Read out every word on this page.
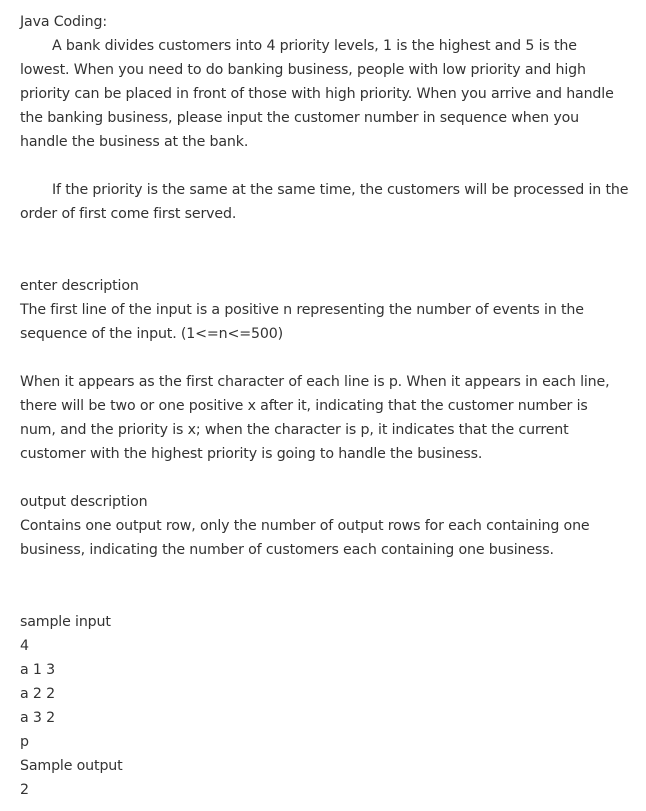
Java Coding:
A bank divides customers into 4 priority levels, 1 is the highest and 5 is the
lowest. When you need to do banking business, people with low priority and high
priority can be placed in front of those with high priority. When you arrive and handle
the banking business, please input the customer number in sequence when you
handle the business at the bank.
If the priority is the same at the same time, the customers will be processed in the
order of first come first served.
enter description
The first line of the input is a positive n representing the number of events in the
sequence of the input. (1<=n<=500)
When it appears as the first character of each line is p. When it appears in each line,
there will be two or one positive x after it, indicating that the customer number is
num, and the priority is x; when the character is p, it indicates that the current
customer with the highest priority is going to handle the business.
output description
Contains one output row, only the number of output rows for each containing one
business, indicating the number of customers each containing one business.
sample input
4
a 1 3
a 2 2
a 3 2
p
Sample output
2
